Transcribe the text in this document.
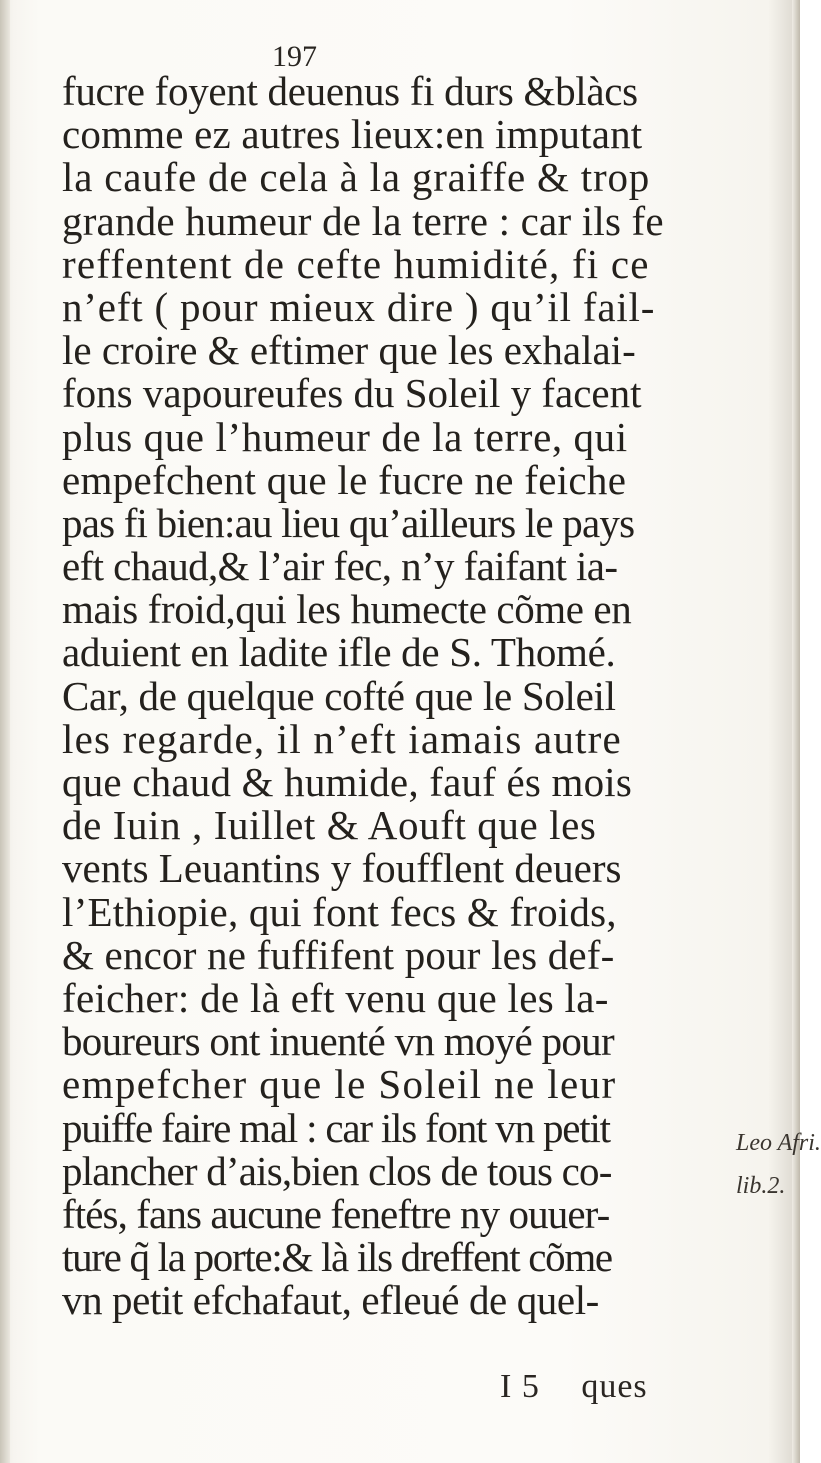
197
fucre foyent deuenus fi durs &blàcs
comme ez autres lieux:en imputant
la caufe de cela à la graiffe & trop
grande humeur de la terre : car ils fe
reffentent de cefte humidité, fi ce
n’eft ( pour mieux dire ) qu’il fail-
le croire & eftimer que les exhalai-
fons vapoureufes du Soleil y facent
plus que l’humeur de la terre, qui
empefchent que le fucre ne feiche
pas fi bien:au lieu qu’ailleurs le pays
eft chaud,& l’air fec, n’y faifant ia-
mais froid,qui les humecte cõme en
aduient en ladite ifle de S. Thomé.
Car, de quelque cofté que le Soleil
les regarde, il n’eft iamais autre
que chaud & humide, fauf és mois
de Iuin , Iuillet & Aouft que les
vents Leuantins y foufflent deuers
l’Ethiopie, qui font fecs & froids,
& encor ne fuffifent pour les def-
feicher: de là eft venu que les la-
boureurs ont inuenté vn moyé pour
empefcher que le Soleil ne leur
puiffe faire mal : car ils font vn petit
plancher d’ais,bien clos de tous co-
ftés, fans aucune feneftre ny ouuer-
ture q̃ la porte:& là ils dreffent cõme
vn petit efchafaut, efleué de quel-
Leo Afri.
lib.2.
I 5 ques
